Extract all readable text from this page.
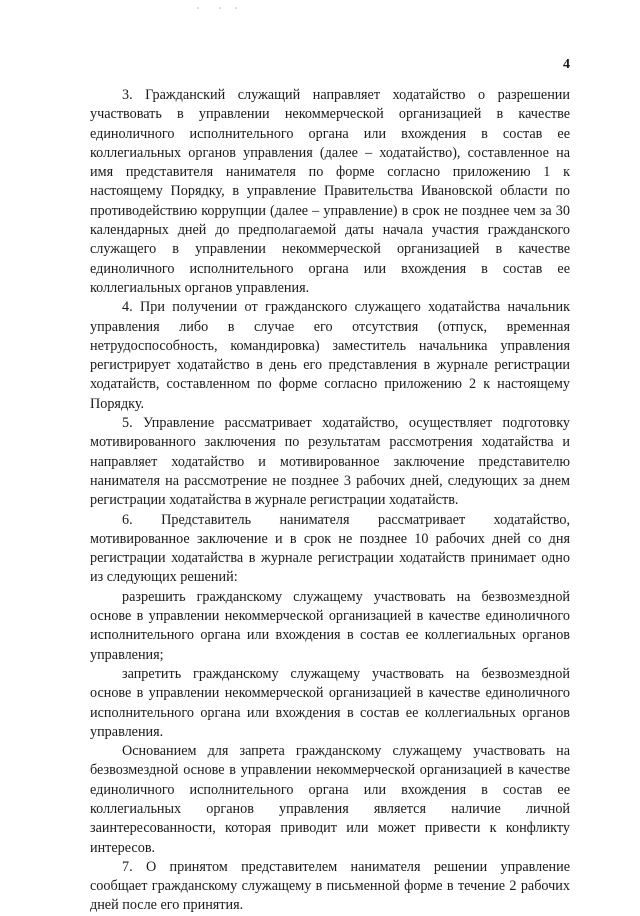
4

3. Гражданский служащий направляет ходатайство о разрешении участвовать в управлении некоммерческой организацией в качестве единоличного исполнительного органа или вхождения в состав ее коллегиальных органов управления (далее – ходатайство), составленное на имя представителя нанимателя по форме согласно приложению 1 к настоящему Порядку, в управление Правительства Ивановской области по противодействию коррупции (далее – управление) в срок не позднее чем за 30 календарных дней до предполагаемой даты начала участия гражданского служащего в управлении некоммерческой организацией в качестве единоличного исполнительного органа или вхождения в состав ее коллегиальных органов управления.

4. При получении от гражданского служащего ходатайства начальник управления либо в случае его отсутствия (отпуск, временная нетрудоспособность, командировка) заместитель начальника управления регистрирует ходатайство в день его представления в журнале регистрации ходатайств, составленном по форме согласно приложению 2 к настоящему Порядку.

5. Управление рассматривает ходатайство, осуществляет подготовку мотивированного заключения по результатам рассмотрения ходатайства и направляет ходатайство и мотивированное заключение представителю нанимателя на рассмотрение не позднее 3 рабочих дней, следующих за днем регистрации ходатайства в журнале регистрации ходатайств.

6. Представитель нанимателя рассматривает ходатайство, мотивированное заключение и в срок не позднее 10 рабочих дней со дня регистрации ходатайства в журнале регистрации ходатайств принимает одно из следующих решений:

разрешить гражданскому служащему участвовать на безвозмездной основе в управлении некоммерческой организацией в качестве единоличного исполнительного органа или вхождения в состав ее коллегиальных органов управления;

запретить гражданскому служащему участвовать на безвозмездной основе в управлении некоммерческой организацией в качестве единоличного исполнительного органа или вхождения в состав ее коллегиальных органов управления.

Основанием для запрета гражданскому служащему участвовать на безвозмездной основе в управлении некоммерческой организацией в качестве единоличного исполнительного органа или вхождения в состав ее коллегиальных органов управления является наличие личной заинтересованности, которая приводит или может привести к конфликту интересов.

7. О принятом представителем нанимателя решении управление сообщает гражданскому служащему в письменной форме в течение 2 рабочих дней после его принятия.
